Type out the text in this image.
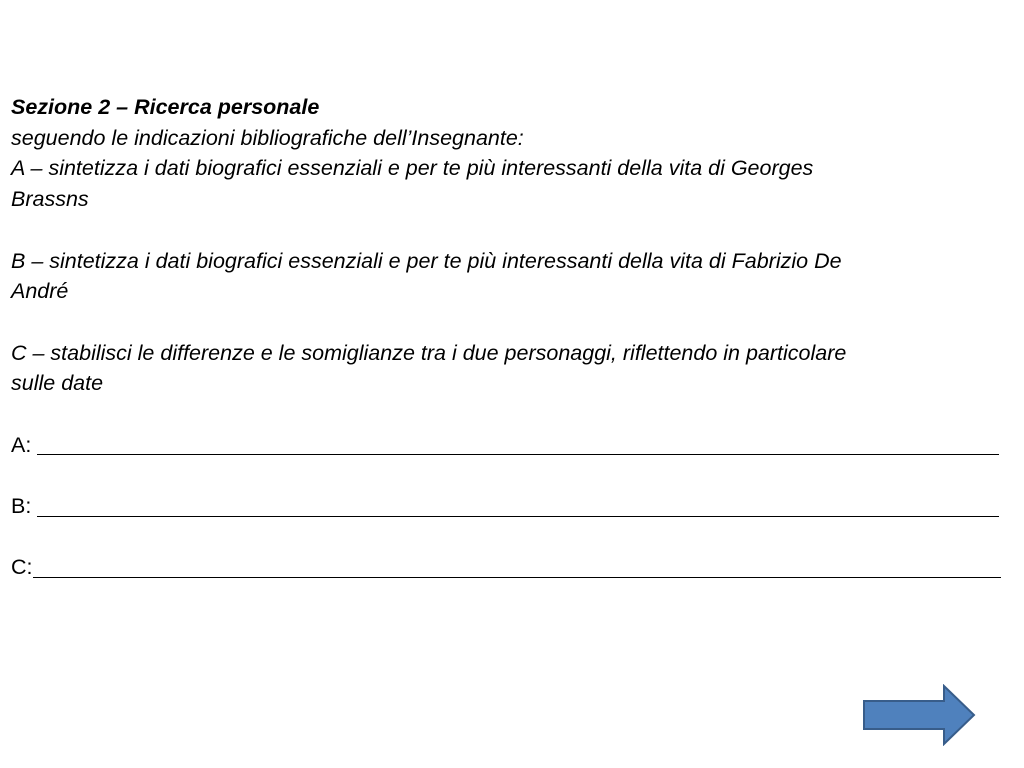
Sezione 2 – Ricerca personale
seguendo le indicazioni bibliografiche dell’Insegnante:
A – sintetizza i dati biografici essenziali e per te più interessanti della vita di Georges
Brassns
B – sintetizza i dati biografici essenziali e per te più interessanti della vita di Fabrizio De
André
C – stabilisci le differenze e le somiglianze tra i due personaggi, riflettendo in particolare
sulle date
A:
B:
C:
